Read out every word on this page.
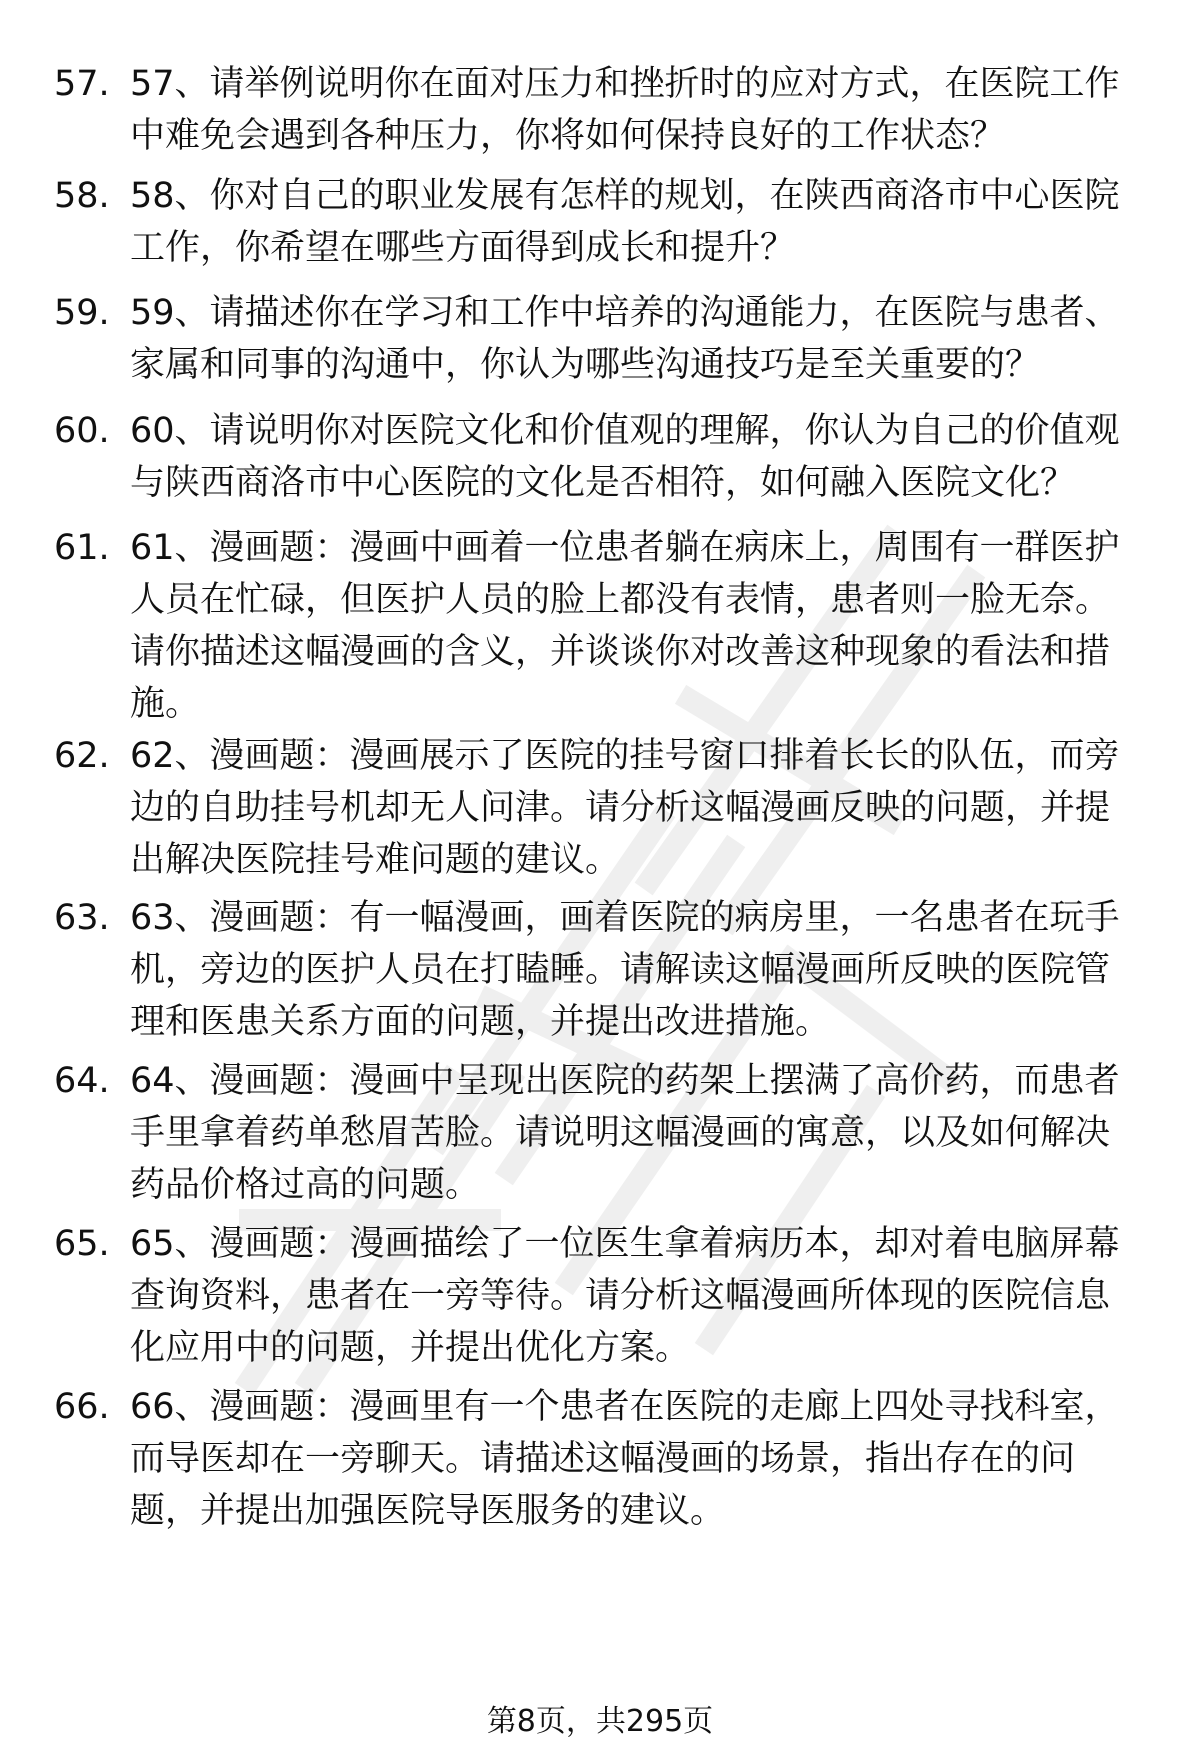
57. 57、请举例说明你在面对压力和挫折时的应对方式，在医院工作
中难免会遇到各种压力，你将如何保持良好的工作状态？
58. 58、你对自己的职业发展有怎样的规划，在陕西商洛市中心医院
工作，你希望在哪些方面得到成长和提升？
59. 59、请描述你在学习和工作中培养的沟通能力，在医院与患者、
家属和同事的沟通中，你认为哪些沟通技巧是至关重要的？
60. 60、请说明你对医院文化和价值观的理解，你认为自己的价值观
与陕西商洛市中心医院的文化是否相符，如何融入医院文化？
61. 61、漫画题：漫画中画着一位患者躺在病床上，周围有一群医护
人员在忙碌，但医护人员的脸上都没有表情，患者则一脸无奈。
请你描述这幅漫画的含义，并谈谈你对改善这种现象的看法和措
施。
62. 62、漫画题：漫画展示了医院的挂号窗口排着长长的队伍，而旁
边的自助挂号机却无人问津。请分析这幅漫画反映的问题，并提
出解决医院挂号难问题的建议。
63. 63、漫画题：有一幅漫画，画着医院的病房里，一名患者在玩手
机，旁边的医护人员在打瞌睡。请解读这幅漫画所反映的医院管
理和医患关系方面的问题，并提出改进措施。
64. 64、漫画题：漫画中呈现出医院的药架上摆满了高价药，而患者
手里拿着药单愁眉苦脸。请说明这幅漫画的寓意，以及如何解决
药品价格过高的问题。
65. 65、漫画题：漫画描绘了一位医生拿着病历本，却对着电脑屏幕
查询资料，患者在一旁等待。请分析这幅漫画所体现的医院信息
化应用中的问题，并提出优化方案。
66. 66、漫画题：漫画里有一个患者在医院的走廊上四处寻找科室，
而导医却在一旁聊天。请描述这幅漫画的场景，指出存在的问
题，并提出加强医院导医服务的建议。
第8页，共295页
